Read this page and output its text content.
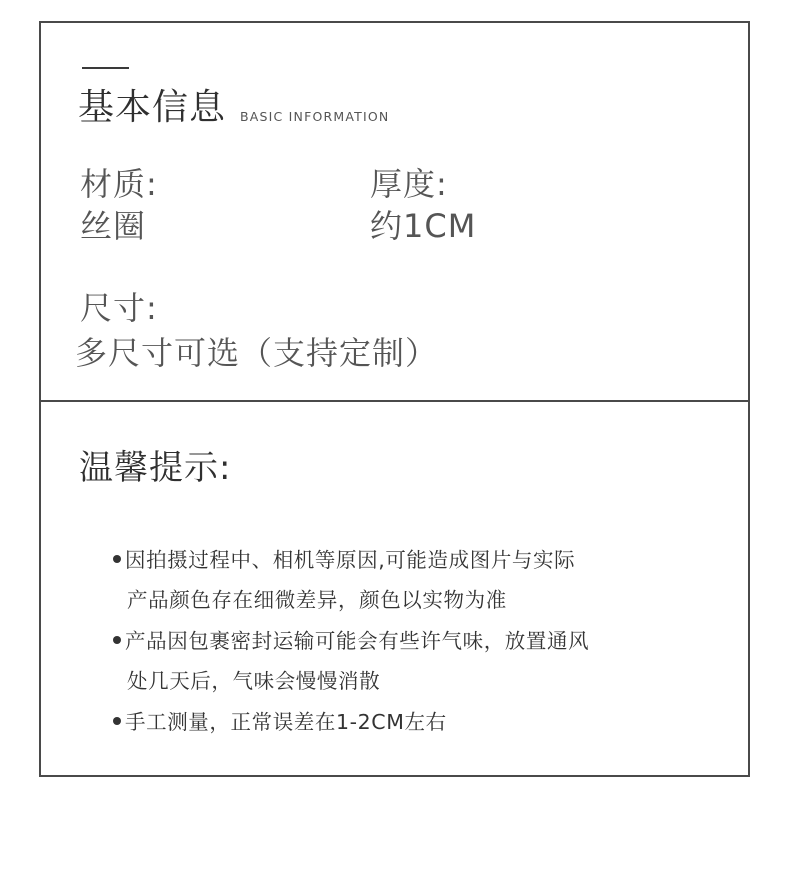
基本信息 BASIC INFORMATION
材质:
丝圈
厚度:
约1CM
尺寸:
多尺寸可选（支持定制）
温馨提示:
因拍摄过程中、相机等原因,可能造成图片与实际
产品颜色存在细微差异，颜色以实物为准
产品因包裹密封运输可能会有些许气味，放置通风
处几天后，气味会慢慢消散
手工测量，正常误差在1-2CM左右
